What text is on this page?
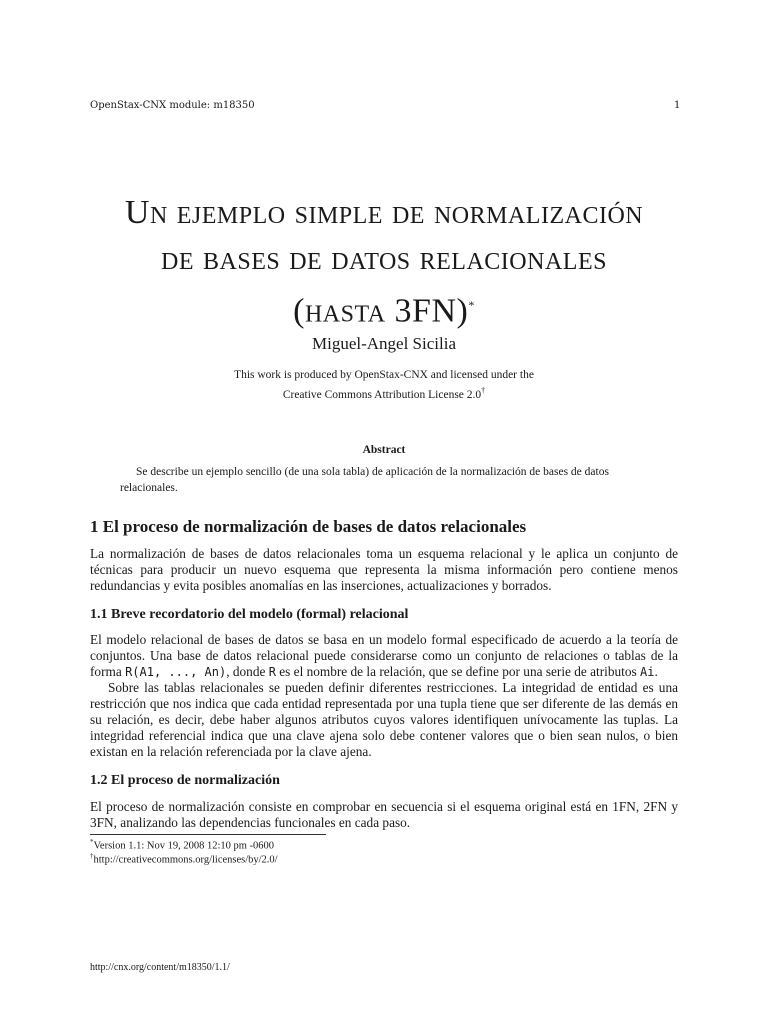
OpenStax-CNX module: m18350	1
Un ejemplo simple de normalización
de bases de datos relacionales
(hasta 3FN)*
Miguel-Angel Sicilia
This work is produced by OpenStax-CNX and licensed under the
Creative Commons Attribution License 2.0†
Abstract
Se describe un ejemplo sencillo (de una sola tabla) de aplicación de la normalización de bases de datos relacionales.
1 El proceso de normalización de bases de datos relacionales
La normalización de bases de datos relacionales toma un esquema relacional y le aplica un conjunto de técnicas para producir un nuevo esquema que representa la misma información pero contiene menos redundancias y evita posibles anomalías en las inserciones, actualizaciones y borrados.
1.1 Breve recordatorio del modelo (formal) relacional
El modelo relacional de bases de datos se basa en un modelo formal especificado de acuerdo a la teoría de conjuntos. Una base de datos relacional puede considerarse como un conjunto de relaciones o tablas de la forma R(A1, ..., An), donde R es el nombre de la relación, que se define por una serie de atributos Ai.
Sobre las tablas relacionales se pueden definir diferentes restricciones. La integridad de entidad es una restricción que nos indica que cada entidad representada por una tupla tiene que ser diferente de las demás en su relación, es decir, debe haber algunos atributos cuyos valores identifiquen unívocamente las tuplas. La integridad referencial indica que una clave ajena solo debe contener valores que o bien sean nulos, o bien existan en la relación referenciada por la clave ajena.
1.2 El proceso de normalización
El proceso de normalización consiste en comprobar en secuencia si el esquema original está en 1FN, 2FN y 3FN, analizando las dependencias funcionales en cada paso.
*Version 1.1: Nov 19, 2008 12:10 pm -0600
†http://creativecommons.org/licenses/by/2.0/
http://cnx.org/content/m18350/1.1/
